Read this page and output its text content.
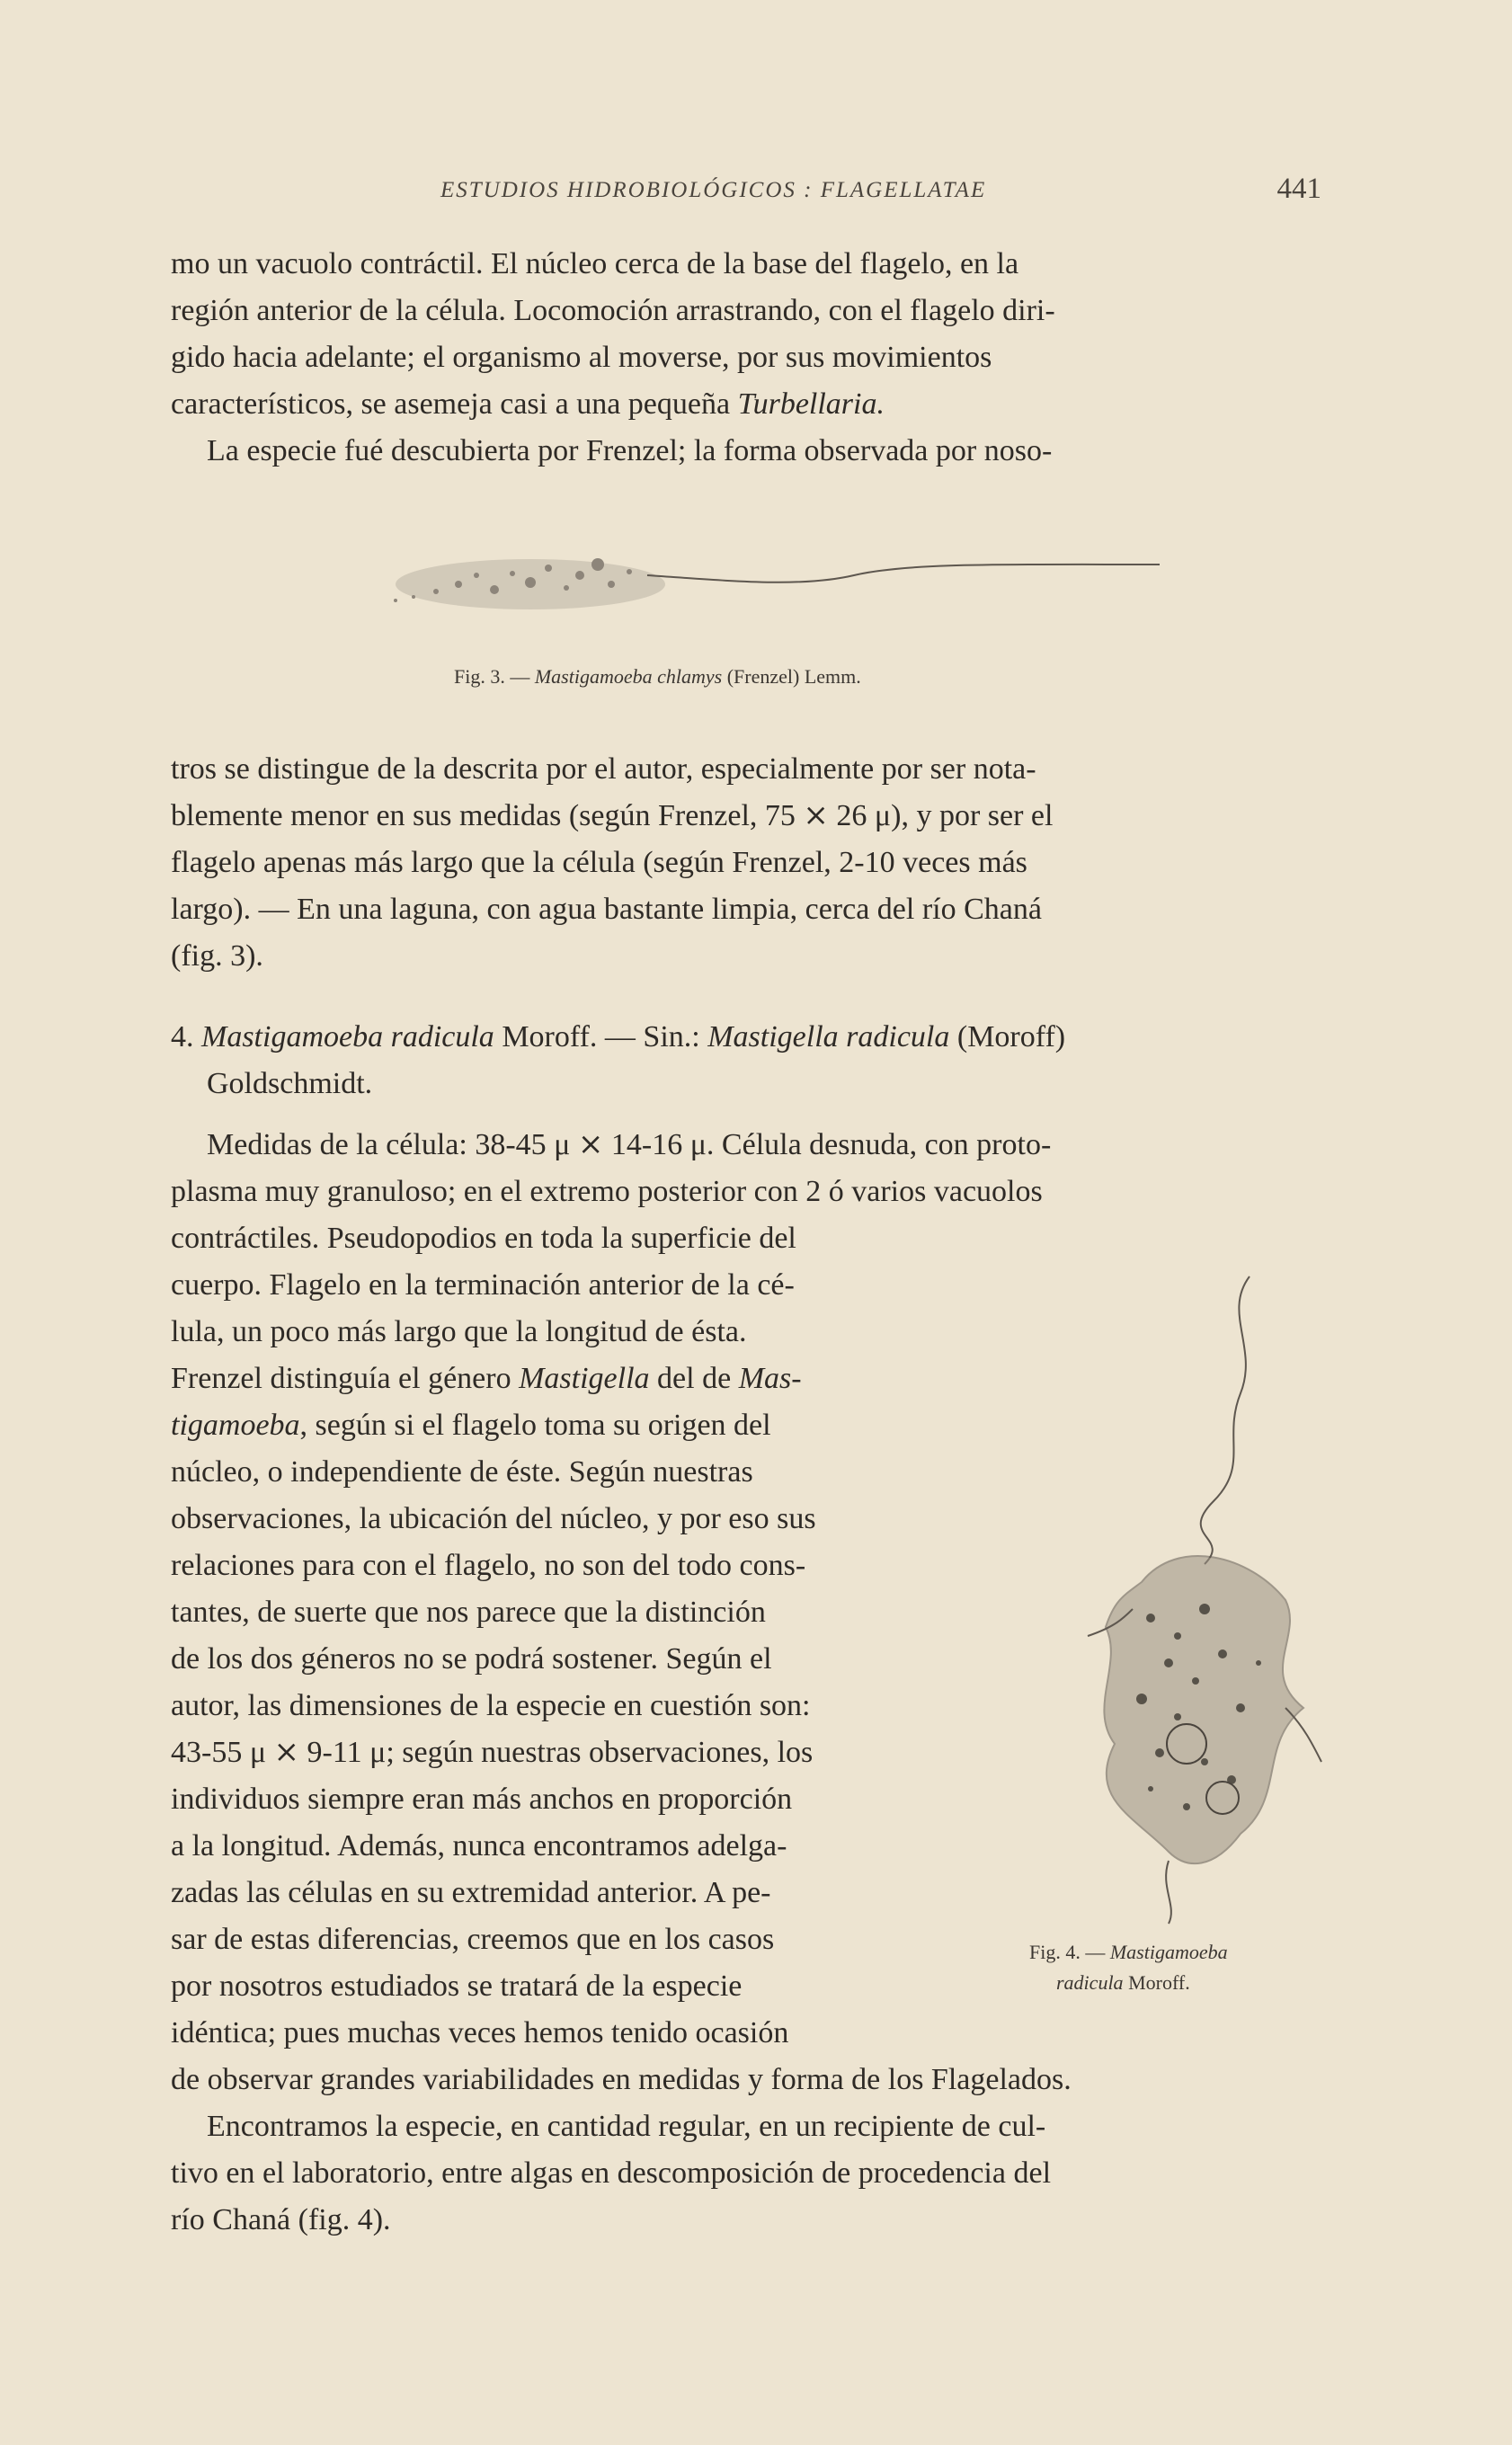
ESTUDIOS HIDROBIOLÓGICOS : FLAGELLATAE	441

mo un vacuolo contráctil. El núcleo cerca de la base del flagelo, en la
región anterior de la célula. Locomoción arrastrando, con el flagelo diri-
gido hacia adelante; el organismo al moverse, por sus movimientos
característicos, se asemeja casi a una pequeña Turbellaria.
La especie fué descubierta por Frenzel; la forma observada por noso-

Fig. 3. — Mastigamoeba chlamys (Frenzel) Lemm.

tros se distingue de la descrita por el autor, especialmente por ser nota-
blemente menor en sus medidas (según Frenzel, 75 ⨯ 26 μ), y por ser el
flagelo apenas más largo que la célula (según Frenzel, 2-10 veces más
largo). — En una laguna, con agua bastante limpia, cerca del río Chaná
(fig. 3).

4. Mastigamoeba radicula Moroff. — Sin.: Mastigella radicula (Moroff)
Goldschmidt.

Medidas de la célula: 38-45 μ ⨯ 14-16 μ. Célula desnuda, con proto-
plasma muy granuloso; en el extremo posterior con 2 ó varios vacuolos

contráctiles. Pseudopodios en toda la superficie del
cuerpo. Flagelo en la terminación anterior de la cé-
lula, un poco más largo que la longitud de ésta.
Frenzel distinguía el género Mastigella del de Mas-
tigamoeba, según si el flagelo toma su origen del
núcleo, o independiente de éste. Según nuestras
observaciones, la ubicación del núcleo, y por eso sus
relaciones para con el flagelo, no son del todo cons-
tantes, de suerte que nos parece que la distinción
de los dos géneros no se podrá sostener. Según el
autor, las dimensiones de la especie en cuestión son:
43-55 μ ⨯ 9-11 μ; según nuestras observaciones, los
individuos siempre eran más anchos en proporción
a la longitud. Además, nunca encontramos adelga-
zadas las células en su extremidad anterior. A pe-
sar de estas diferencias, creemos que en los casos
por nosotros estudiados se tratará de la especie
idéntica; pues muchas veces hemos tenido ocasión

Fig. 4. — Mastigamoeba
radicula Moroff.

de observar grandes variabilidades en medidas y forma de los Flagelados.

Encontramos la especie, en cantidad regular, en un recipiente de cul-
tivo en el laboratorio, entre algas en descomposición de procedencia del
río Chaná (fig. 4).
